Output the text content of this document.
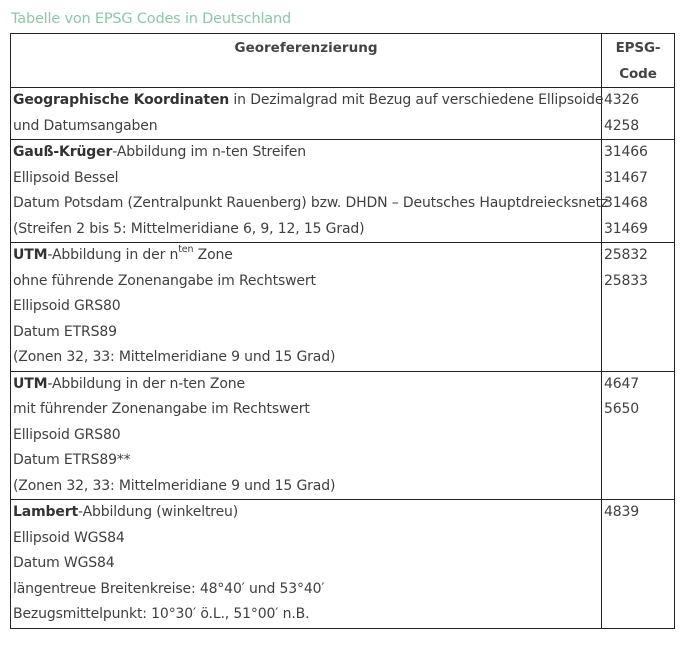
Tabelle von EPSG Codes in Deutschland
Georeferenzierung	EPSG-
Code

Geographische Koordinaten in Dezimalgrad mit Bezug auf verschiedene Ellipsoide
und Datumsangaben	4326
4258

Gauß-Krüger-Abbildung im n-ten Streifen
Ellipsoid Bessel
Datum Potsdam (Zentralpunkt Rauenberg) bzw. DHDN – Deutsches Hauptdreiecksnetz
(Streifen 2 bis 5: Mittelmeridiane 6, 9, 12, 15 Grad)	31466
31467
31468
31469

UTM-Abbildung in der $n^{ten}$ Zone
ohne führende Zonenangabe im Rechtswert
Ellipsoid GRS80
Datum ETRS89
(Zonen 32, 33: Mittelmeridiane 9 und 15 Grad)	25832
25833

UTM-Abbildung in der n-ten Zone
mit führender Zonenangabe im Rechtswert
Ellipsoid GRS80
Datum ETRS89**
(Zonen 32, 33: Mittelmeridiane 9 und 15 Grad)	4647
5650

Lambert-Abbildung (winkeltreu)
Ellipsoid WGS84
Datum WGS84
längentreue Breitenkreise: 48°40′ und 53°40′
Bezugsmittelpunkt: 10°30′ ö.L., 51°00′ n.B.	4839
